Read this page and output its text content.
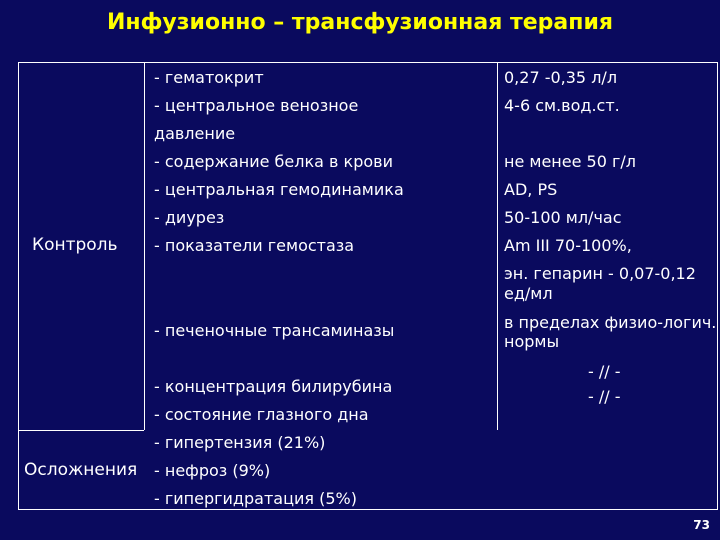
Инфузионно – трансфузионная терапия
Контроль
Осложнения
- гематокрит
- центральное венозное
давление
- содержание белка в крови
- центральная гемодинамика
- диурез
- показатели гемостаза
- печеночные трансаминазы
- концентрация билирубина
- состояние глазного дна
0,27 -0,35 л/л
4-6 см.вод.ст.
не менее 50 г/л
AD, PS
50-100 мл/час
Am III 70-100%,
эн. гепарин - 0,07-0,12
ед/мл
в пределах физио-логич.
нормы
- // -
- // -
- гипертензия (21%)
- нефроз (9%)
- гипергидратация (5%)
73
